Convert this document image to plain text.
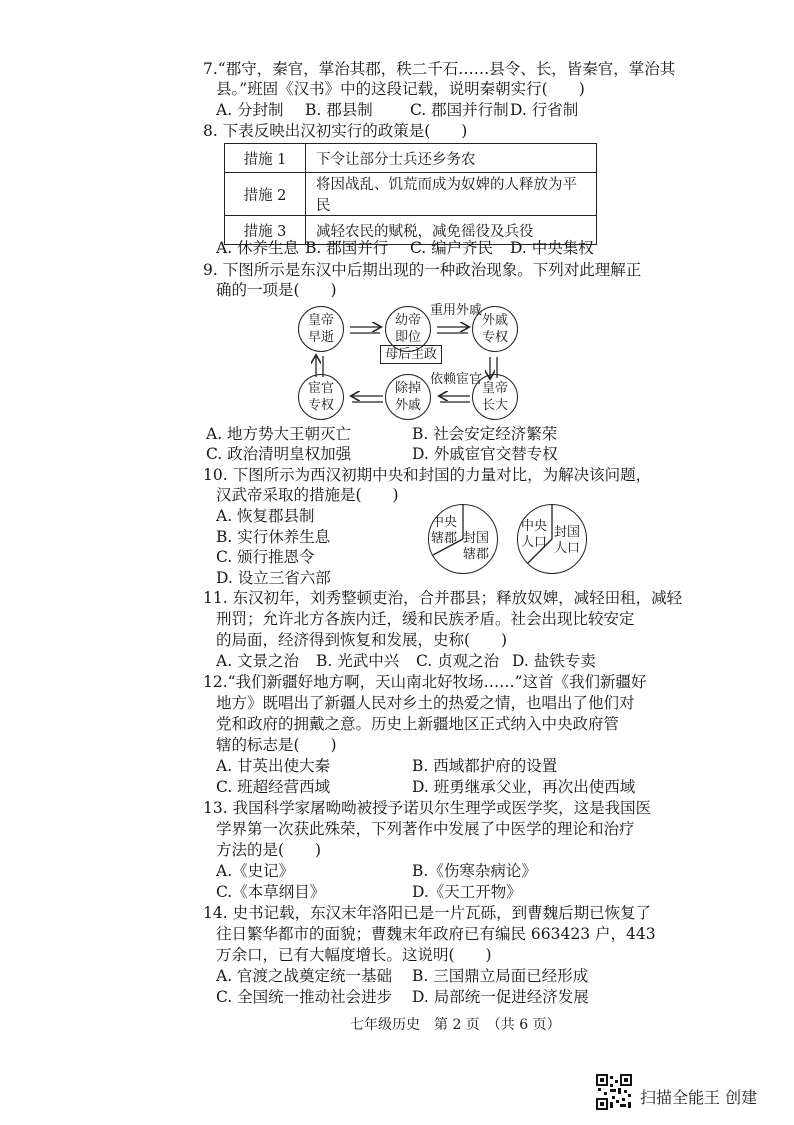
7.“郡守，秦官，掌治其郡，秩二千石……县令、长，皆秦官，掌治其
县。”班固《汉书》中的这段记载，说明秦朝实行(　　)
A. 分封制 B. 郡县制 C. 郡国并行制 D. 行省制
8. 下表反映出汉初实行的政策是(　　)
措施 1	下令让部分士兵还乡务农
措施 2	将因战乱、饥荒而成为奴婢的人释放为平民
措施 3	减轻农民的赋税，减免徭役及兵役
A. 休养生息 B. 郡国并行 C. 编户齐民 D. 中央集权
9. 下图所示是东汉中后期出现的一种政治现象。下列对此理解正
确的一项是(　　)
皇帝
早逝
幼帝
即位
外戚
专权
皇帝
长大
除掉
外戚
宦官
专权
重用外戚
母后主政
依赖宦官
A. 地方势大王朝灭亡	B. 社会安定经济繁荣
C. 政治清明皇权加强	D. 外戚宦官交替专权
10. 下图所示为西汉初期中央和封国的力量对比，为解决该问题，
汉武帝采取的措施是(　　)
A. 恢复郡县制
B. 实行休养生息
C. 颁行推恩令
D. 设立三省六部
中央
辖郡 封国
辖郡
中央
人口
封国
人口
11. 东汉初年，刘秀整顿吏治，合并郡县；释放奴婢，减轻田租，减轻
刑罚；允许北方各族内迁，缓和民族矛盾。社会出现比较安定
的局面，经济得到恢复和发展，史称(　　)
A. 文景之治 B. 光武中兴 C. 贞观之治 D. 盐铁专卖
12.“我们新疆好地方啊，天山南北好牧场……”这首《我们新疆好
地方》既唱出了新疆人民对乡土的热爱之情，也唱出了他们对
党和政府的拥戴之意。历史上新疆地区正式纳入中央政府管
辖的标志是(　　)
A. 甘英出使大秦	B. 西域都护府的设置
C. 班超经营西域	D. 班勇继承父业，再次出使西域
13. 我国科学家屠呦呦被授予诺贝尔生理学或医学奖，这是我国医
学界第一次获此殊荣，下列著作中发展了中医学的理论和治疗
方法的是(　　)
A.《史记》	B.《伤寒杂病论》
C.《本草纲目》	D.《天工开物》
14. 史书记载，东汉末年洛阳已是一片瓦砾，到曹魏后期已恢复了
往日繁华都市的面貌；曹魏末年政府已有编民 663423 户，443
万余口，已有大幅度增长。这说明(　　)
A. 官渡之战奠定统一基础 B. 三国鼎立局面已经形成
C. 全国统一推动社会进步 D. 局部统一促进经济发展
七年级历史　第 2 页　（共 6 页）
扫描全能王 创建
